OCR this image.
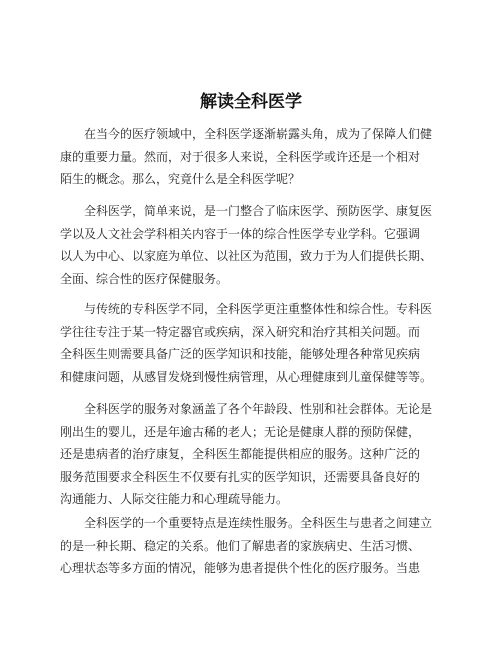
解读全科医学
在当今的医疗领域中，全科医学逐渐崭露头角，成为了保障人们健
康的重要力量。然而，对于很多人来说，全科医学或许还是一个相对
陌生的概念。那么，究竟什么是全科医学呢？
全科医学，简单来说，是一门整合了临床医学、预防医学、康复医
学以及人文社会学科相关内容于一体的综合性医学专业学科。它强调
以人为中心、以家庭为单位、以社区为范围，致力于为人们提供长期、
全面、综合性的医疗保健服务。
与传统的专科医学不同，全科医学更注重整体性和综合性。专科医
学往往专注于某一特定器官或疾病，深入研究和治疗其相关问题。而
全科医生则需要具备广泛的医学知识和技能，能够处理各种常见疾病
和健康问题，从感冒发烧到慢性病管理，从心理健康到儿童保健等等。
全科医学的服务对象涵盖了各个年龄段、性别和社会群体。无论是
刚出生的婴儿，还是年逾古稀的老人；无论是健康人群的预防保健，
还是患病者的治疗康复，全科医生都能提供相应的服务。这种广泛的
服务范围要求全科医生不仅要有扎实的医学知识，还需要具备良好的
沟通能力、人际交往能力和心理疏导能力。
全科医学的一个重要特点是连续性服务。全科医生与患者之间建立
的是一种长期、稳定的关系。他们了解患者的家族病史、生活习惯、
心理状态等多方面的情况，能够为患者提供个性化的医疗服务。当患
